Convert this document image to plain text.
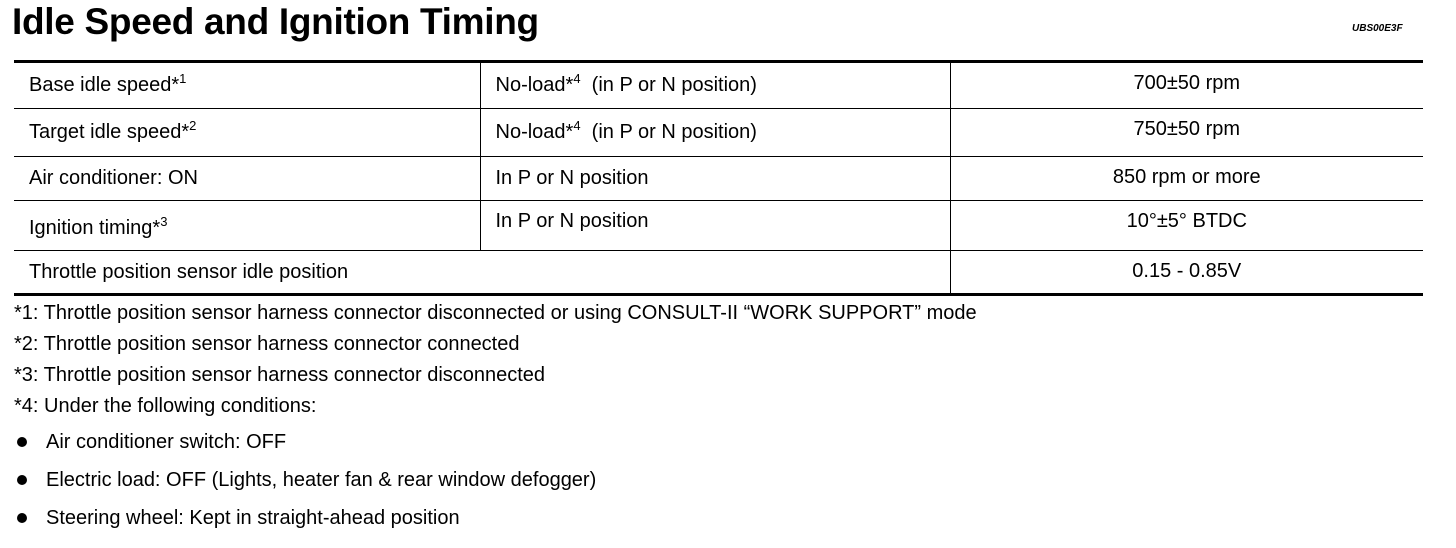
Idle Speed and Ignition Timing	UBS00E3F
Base idle speed*$^1$	No-load*$^4$  (in P or N position)	700±50 rpm
Target idle speed*$^2$	No-load*$^4$  (in P or N position)	750±50 rpm
Air conditioner: ON	In P or N position	850 rpm or more
Ignition timing*$^3$	In P or N position	10°±5° BTDC
Throttle position sensor idle position		0.15 - 0.85V
*1: Throttle position sensor harness connector disconnected or using CONSULT-II “WORK SUPPORT” mode
*2: Throttle position sensor harness connector connected
*3: Throttle position sensor harness connector disconnected
*4: Under the following conditions:
Air conditioner switch: OFF
Electric load: OFF (Lights, heater fan & rear window defogger)
Steering wheel: Kept in straight-ahead position
